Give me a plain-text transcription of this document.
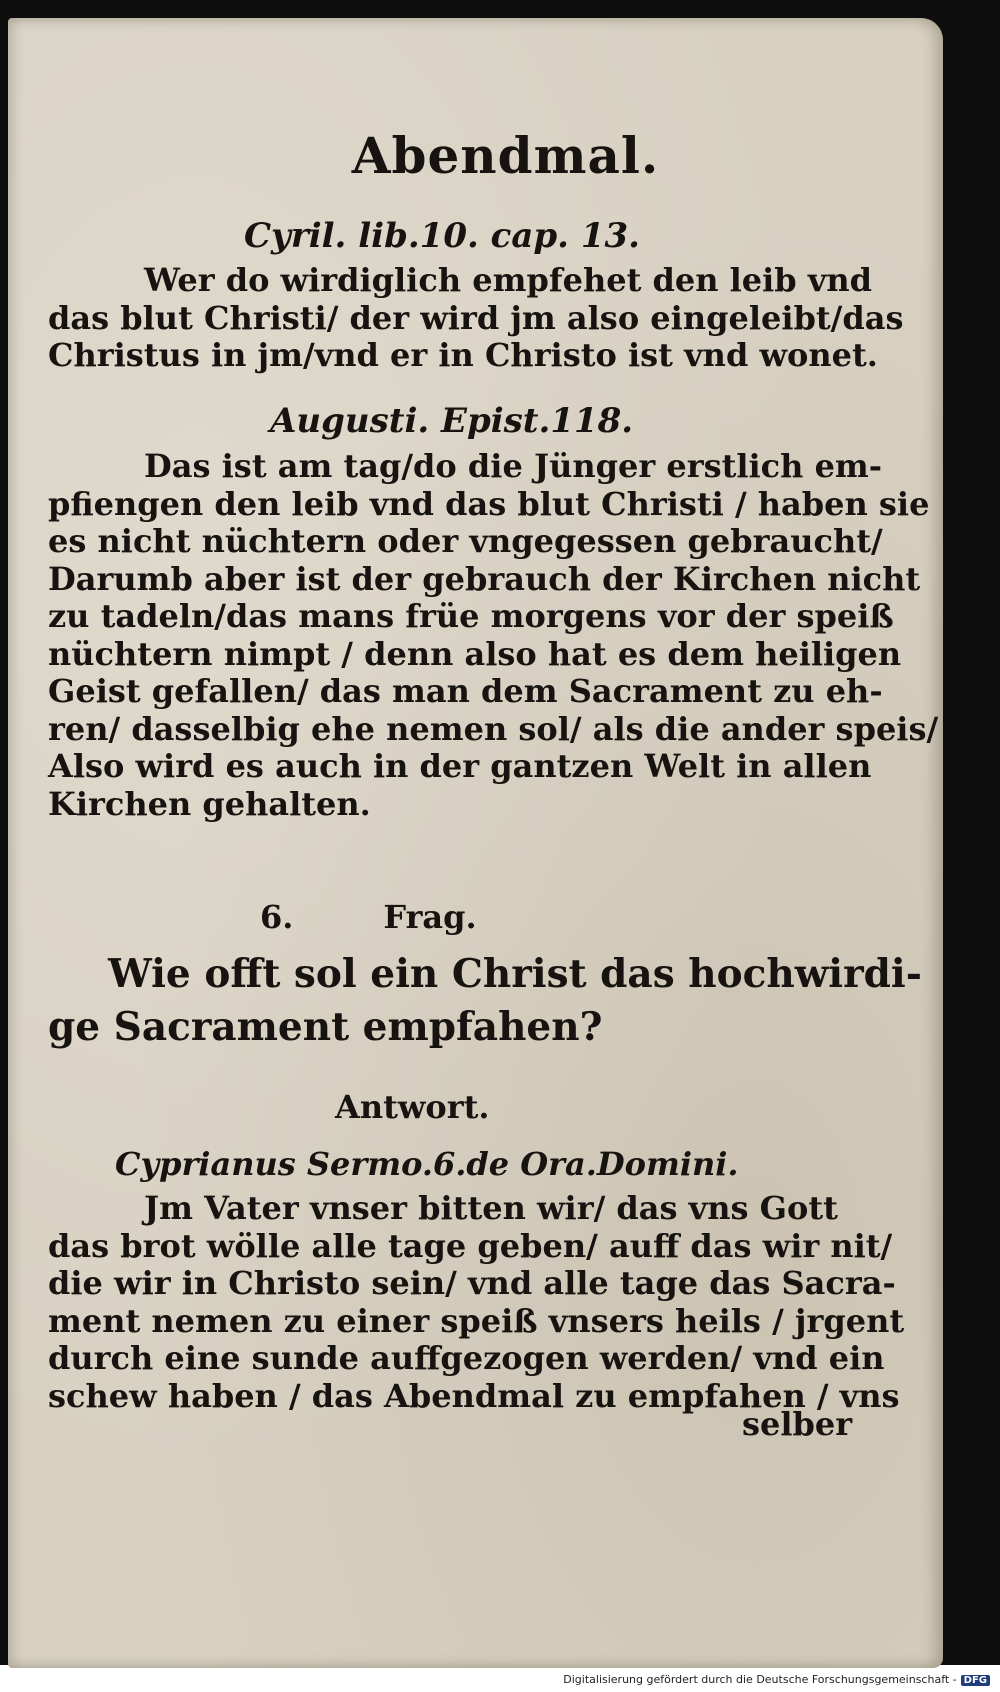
Abendmal.
Cyril. lib.10. cap. 13.
Wer do wirdiglich empfehet den leib vnd
das blut Christi/ der wird jm also eingeleibt/das
Christus in jm/vnd er in Christo ist vnd wonet.
Augusti. Epist.118.
Das ist am tag/do die Jünger erstlich em-
pfiengen den leib vnd das blut Christi / haben sie
es nicht nüchtern oder vngegessen gebraucht/
Darumb aber ist der gebrauch der Kirchen nicht
zu tadeln/das mans früe morgens vor der speiß
nüchtern nimpt / denn also hat es dem heiligen
Geist gefallen/ das man dem Sacrament zu eh-
ren/ dasselbig ehe nemen sol/ als die ander speis/
Also wird es auch in der gantzen Welt in allen
Kirchen gehalten.
6.	Frag.
Wie offt sol ein Christ das hochwirdi-
ge Sacrament empfahen?
Antwort.
Cyprianus Sermo.6.de Ora.Domini.
Jm Vater vnser bitten wir/ das vns Gott
das brot wölle alle tage geben/ auff das wir nit/
die wir in Christo sein/ vnd alle tage das Sacra-
ment nemen zu einer speiß vnsers heils / jrgent
durch eine sunde auffgezogen werden/ vnd ein
schew haben / das Abendmal zu empfahen / vns
selber
Digitalisierung gefördert durch die Deutsche Forschungsgemeinschaft - DFG
